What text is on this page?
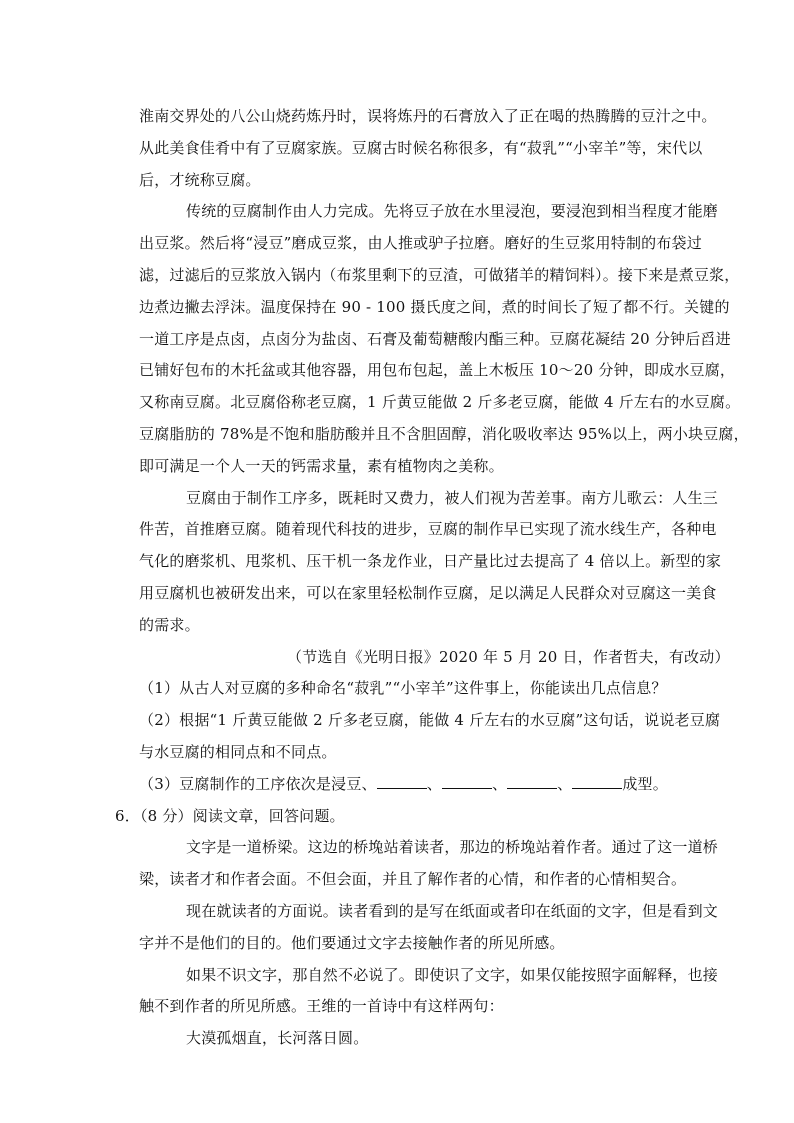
淮南交界处的八公山烧药炼丹时，误将炼丹的石膏放入了正在喝的热腾腾的豆汁之中。
从此美食佳肴中有了豆腐家族。豆腐古时候名称很多，有“菽乳”“小宰羊”等，宋代以
后，才统称豆腐。
传统的豆腐制作由人力完成。先将豆子放在水里浸泡，要浸泡到相当程度才能磨
出豆浆。然后将“浸豆”磨成豆浆，由人推或驴子拉磨。磨好的生豆浆用特制的布袋过
滤，过滤后的豆浆放入锅内（布浆里剩下的豆渣，可做猪羊的精饲料）。接下来是煮豆浆，
边煮边撇去浮沫。温度保持在 90 - 100 摄氏度之间，煮的时间长了短了都不行。关键的
一道工序是点卤，点卤分为盐卤、石膏及葡萄糖酸内酯三种。豆腐花凝结 20 分钟后舀进
已铺好包布的木托盆或其他容器，用包布包起，盖上木板压 10～20 分钟，即成水豆腐，
又称南豆腐。北豆腐俗称老豆腐，1 斤黄豆能做 2 斤多老豆腐，能做 4 斤左右的水豆腐。
豆腐脂肪的 78%是不饱和脂肪酸并且不含胆固醇，消化吸收率达 95%以上，两小块豆腐，
即可满足一个人一天的钙需求量，素有植物肉之美称。
豆腐由于制作工序多，既耗时又费力，被人们视为苦差事。南方儿歌云：人生三
件苦，首推磨豆腐。随着现代科技的进步，豆腐的制作早已实现了流水线生产，各种电
气化的磨浆机、甩浆机、压干机一条龙作业，日产量比过去提高了 4 倍以上。新型的家
用豆腐机也被研发出来，可以在家里轻松制作豆腐，足以满足人民群众对豆腐这一美食
的需求。
（节选自《光明日报》2020 年 5 月 20 日，作者哲夫，有改动）
（1）从古人对豆腐的多种命名“菽乳”“小宰羊”这件事上，你能读出几点信息？
（2）根据“1 斤黄豆能做 2 斤多老豆腐，能做 4 斤左右的水豆腐”这句话，说说老豆腐
与水豆腐的相同点和不同点。
（3）豆腐制作的工序依次是浸豆、	、	、	、	成型。
6．（8 分）阅读文章，回答问题。
文字是一道桥梁。这边的桥堍站着读者，那边的桥堍站着作者。通过了这一道桥
梁，读者才和作者会面。不但会面，并且了解作者的心情，和作者的心情相契合。
现在就读者的方面说。读者看到的是写在纸面或者印在纸面的文字，但是看到文
字并不是他们的目的。他们要通过文字去接触作者的所见所感。
如果不识文字，那自然不必说了。即使识了文字，如果仅能按照字面解释，也接
触不到作者的所见所感。王维的一首诗中有这样两句：
大漠孤烟直，长河落日圆。
